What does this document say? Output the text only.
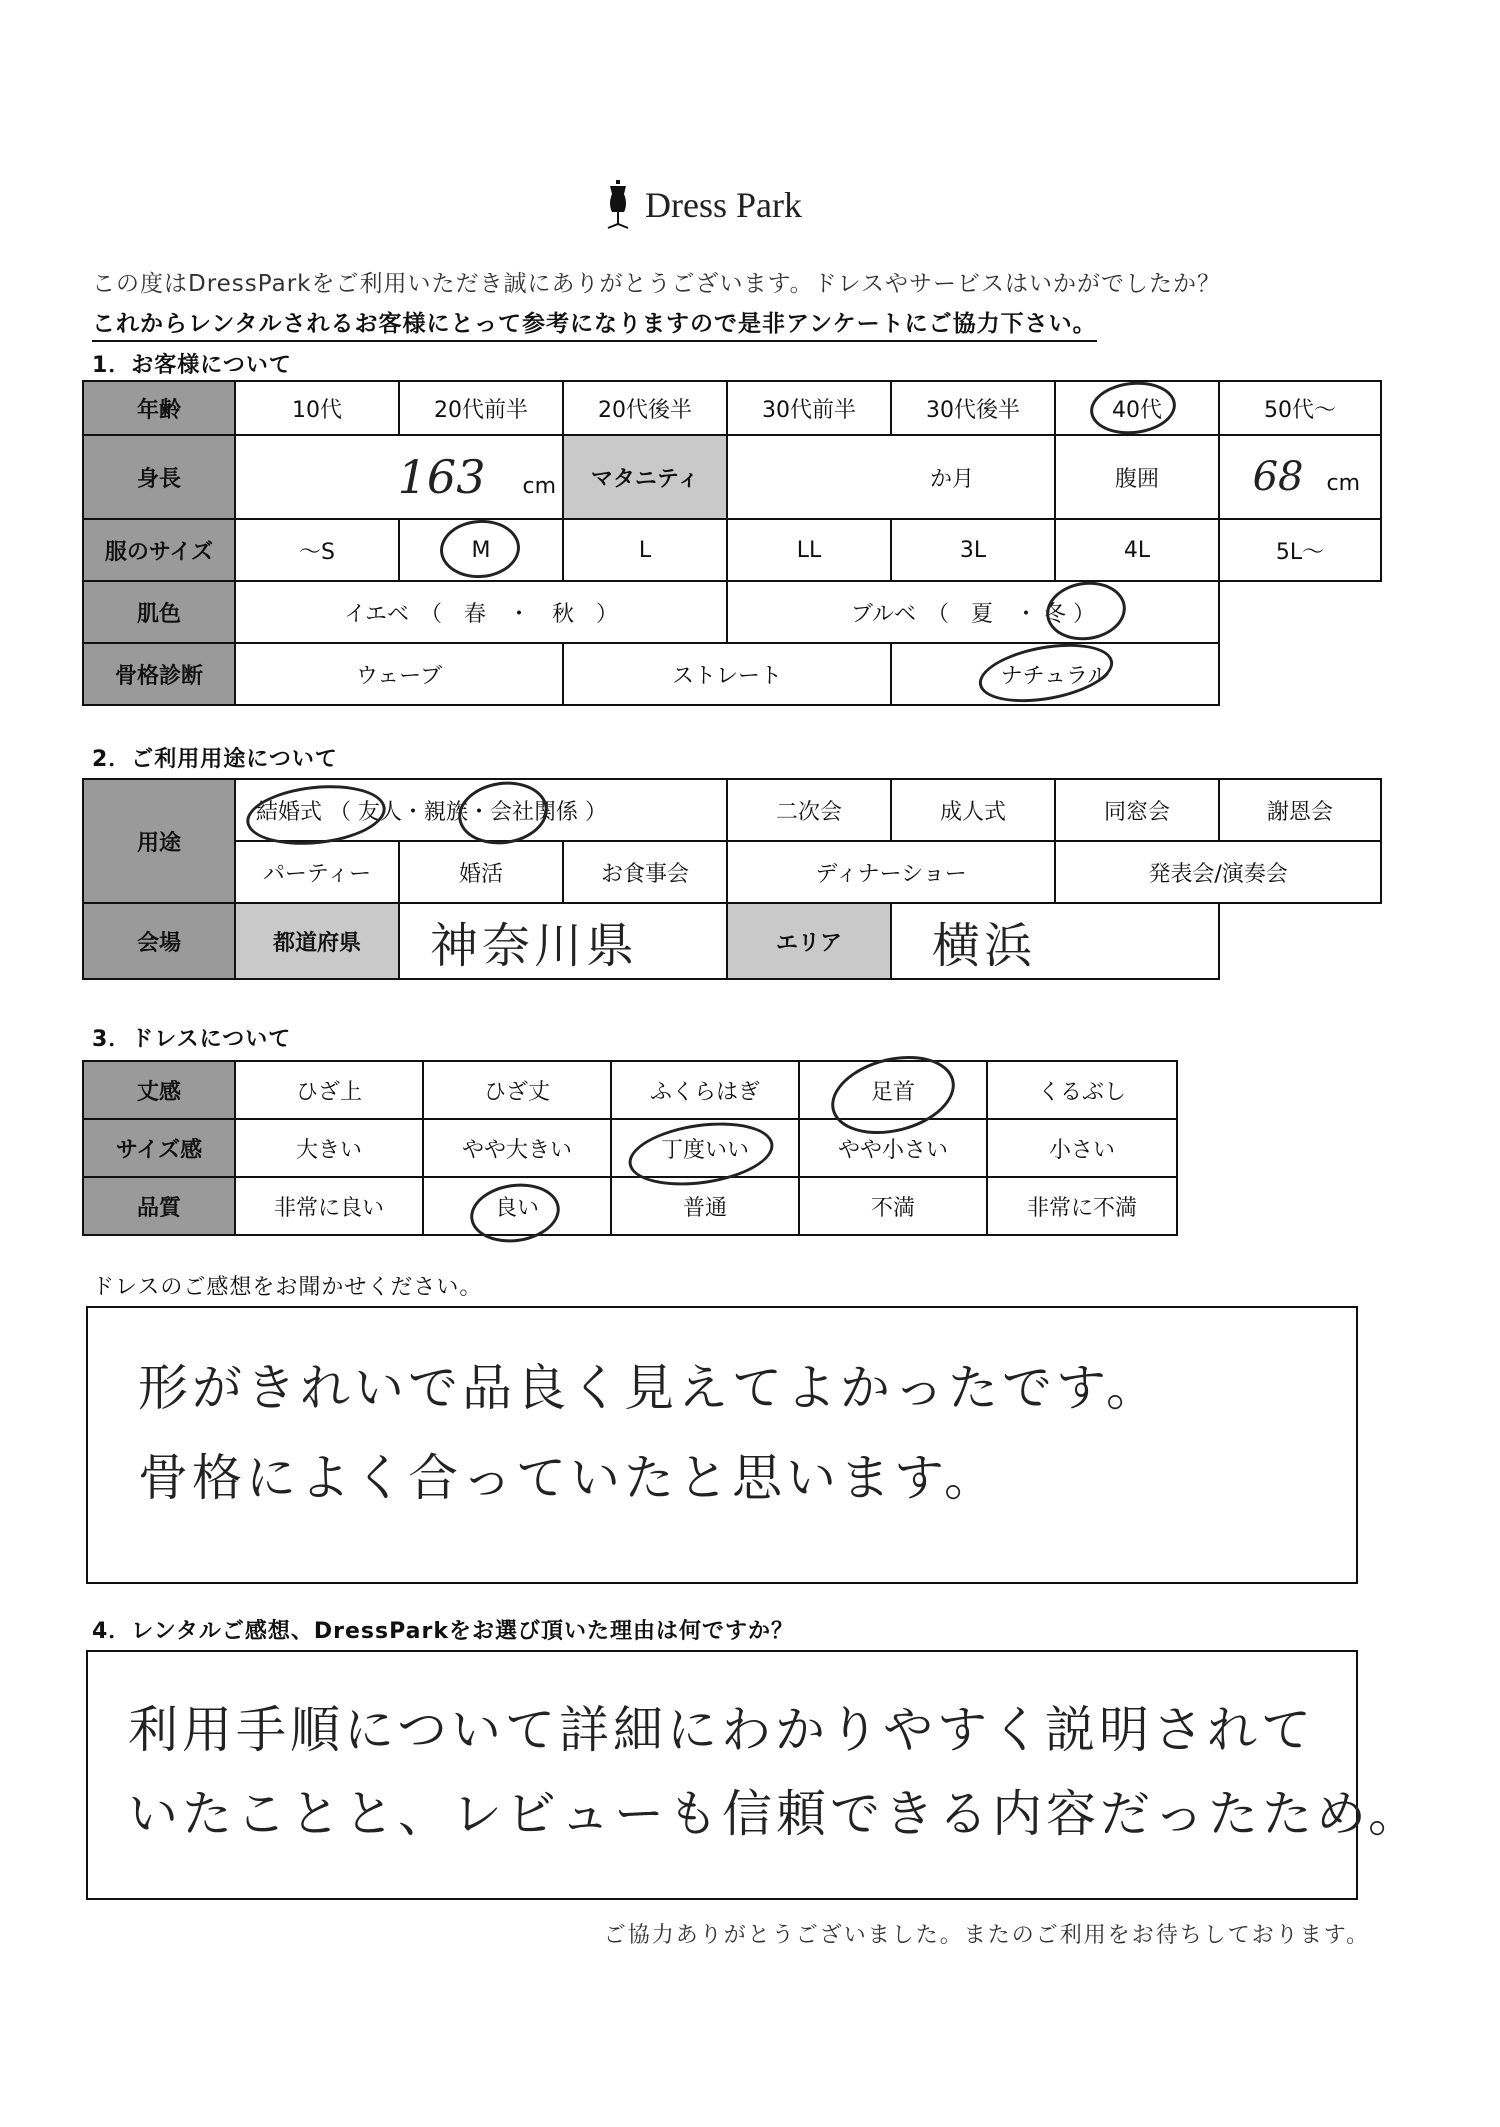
Dress Park
この度はDressParkをご利用いただき誠にありがとうございます。ドレスやサービスはいかがでしたか？
これからレンタルされるお客様にとって参考になりますので是非アンケートにご協力下さい。
1．お客様について
年齢	10代	20代前半	20代後半	30代前半	30代後半	40代	50代〜
身長	163 cm		マタニティ	か月		腹囲	68 cm
服のサイズ	〜S	M	L	LL	3L	4L	5L〜
肌色	イエベ　（　春　・　秋　）			ブルベ　（　夏　・ 冬 ）			
骨格診断	ウェーブ		ストレート		ナチュラル		
2．ご利用用途について
用途	結婚式 （ 友人・親族・会社関係 ）			二次会	成人式	同窓会	謝恩会
	パーティー	婚活	お食事会	ディナーショー		発表会/演奏会	
会場	都道府県	神奈川県		エリア	横浜		
3．ドレスについて
丈感	ひざ上	ひざ丈	ふくらはぎ	足首	くるぶし
サイズ感	大きい	やや大きい	丁度いい	やや小さい	小さい
品質	非常に良い	良い	普通	不満	非常に不満
ドレスのご感想をお聞かせください。
形がきれいで品良く見えてよかったです。
骨格によく合っていたと思います。
4．レンタルご感想、DressParkをお選び頂いた理由は何ですか？
利用手順について詳細にわかりやすく説明されて
いたことと、レビューも信頼できる内容だったため。
ご協力ありがとうございました。またのご利用をお待ちしております。
